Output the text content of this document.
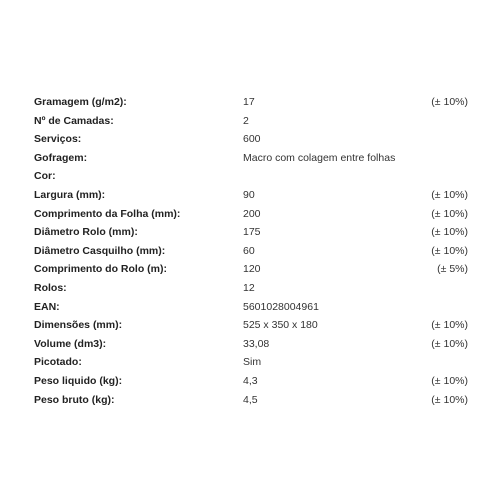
Gramagem (g/m2):	17	(± 10%)
Nº de Camadas:	2
Serviços:	600
Gofragem:	Macro com colagem entre folhas
Cor:
Largura (mm):	90	(± 10%)
Comprimento da Folha (mm):	200	(± 10%)
Diâmetro Rolo (mm):	175	(± 10%)
Diâmetro Casquilho (mm):	60	(± 10%)
Comprimento do Rolo (m):	120	(± 5%)
Rolos:	12
EAN:	5601028004961
Dimensões (mm):	525 x 350 x 180	(± 10%)
Volume (dm3):	33,08	(± 10%)
Picotado:	Sim
Peso liquido (kg):	4,3	(± 10%)
Peso bruto (kg):	4,5	(± 10%)
